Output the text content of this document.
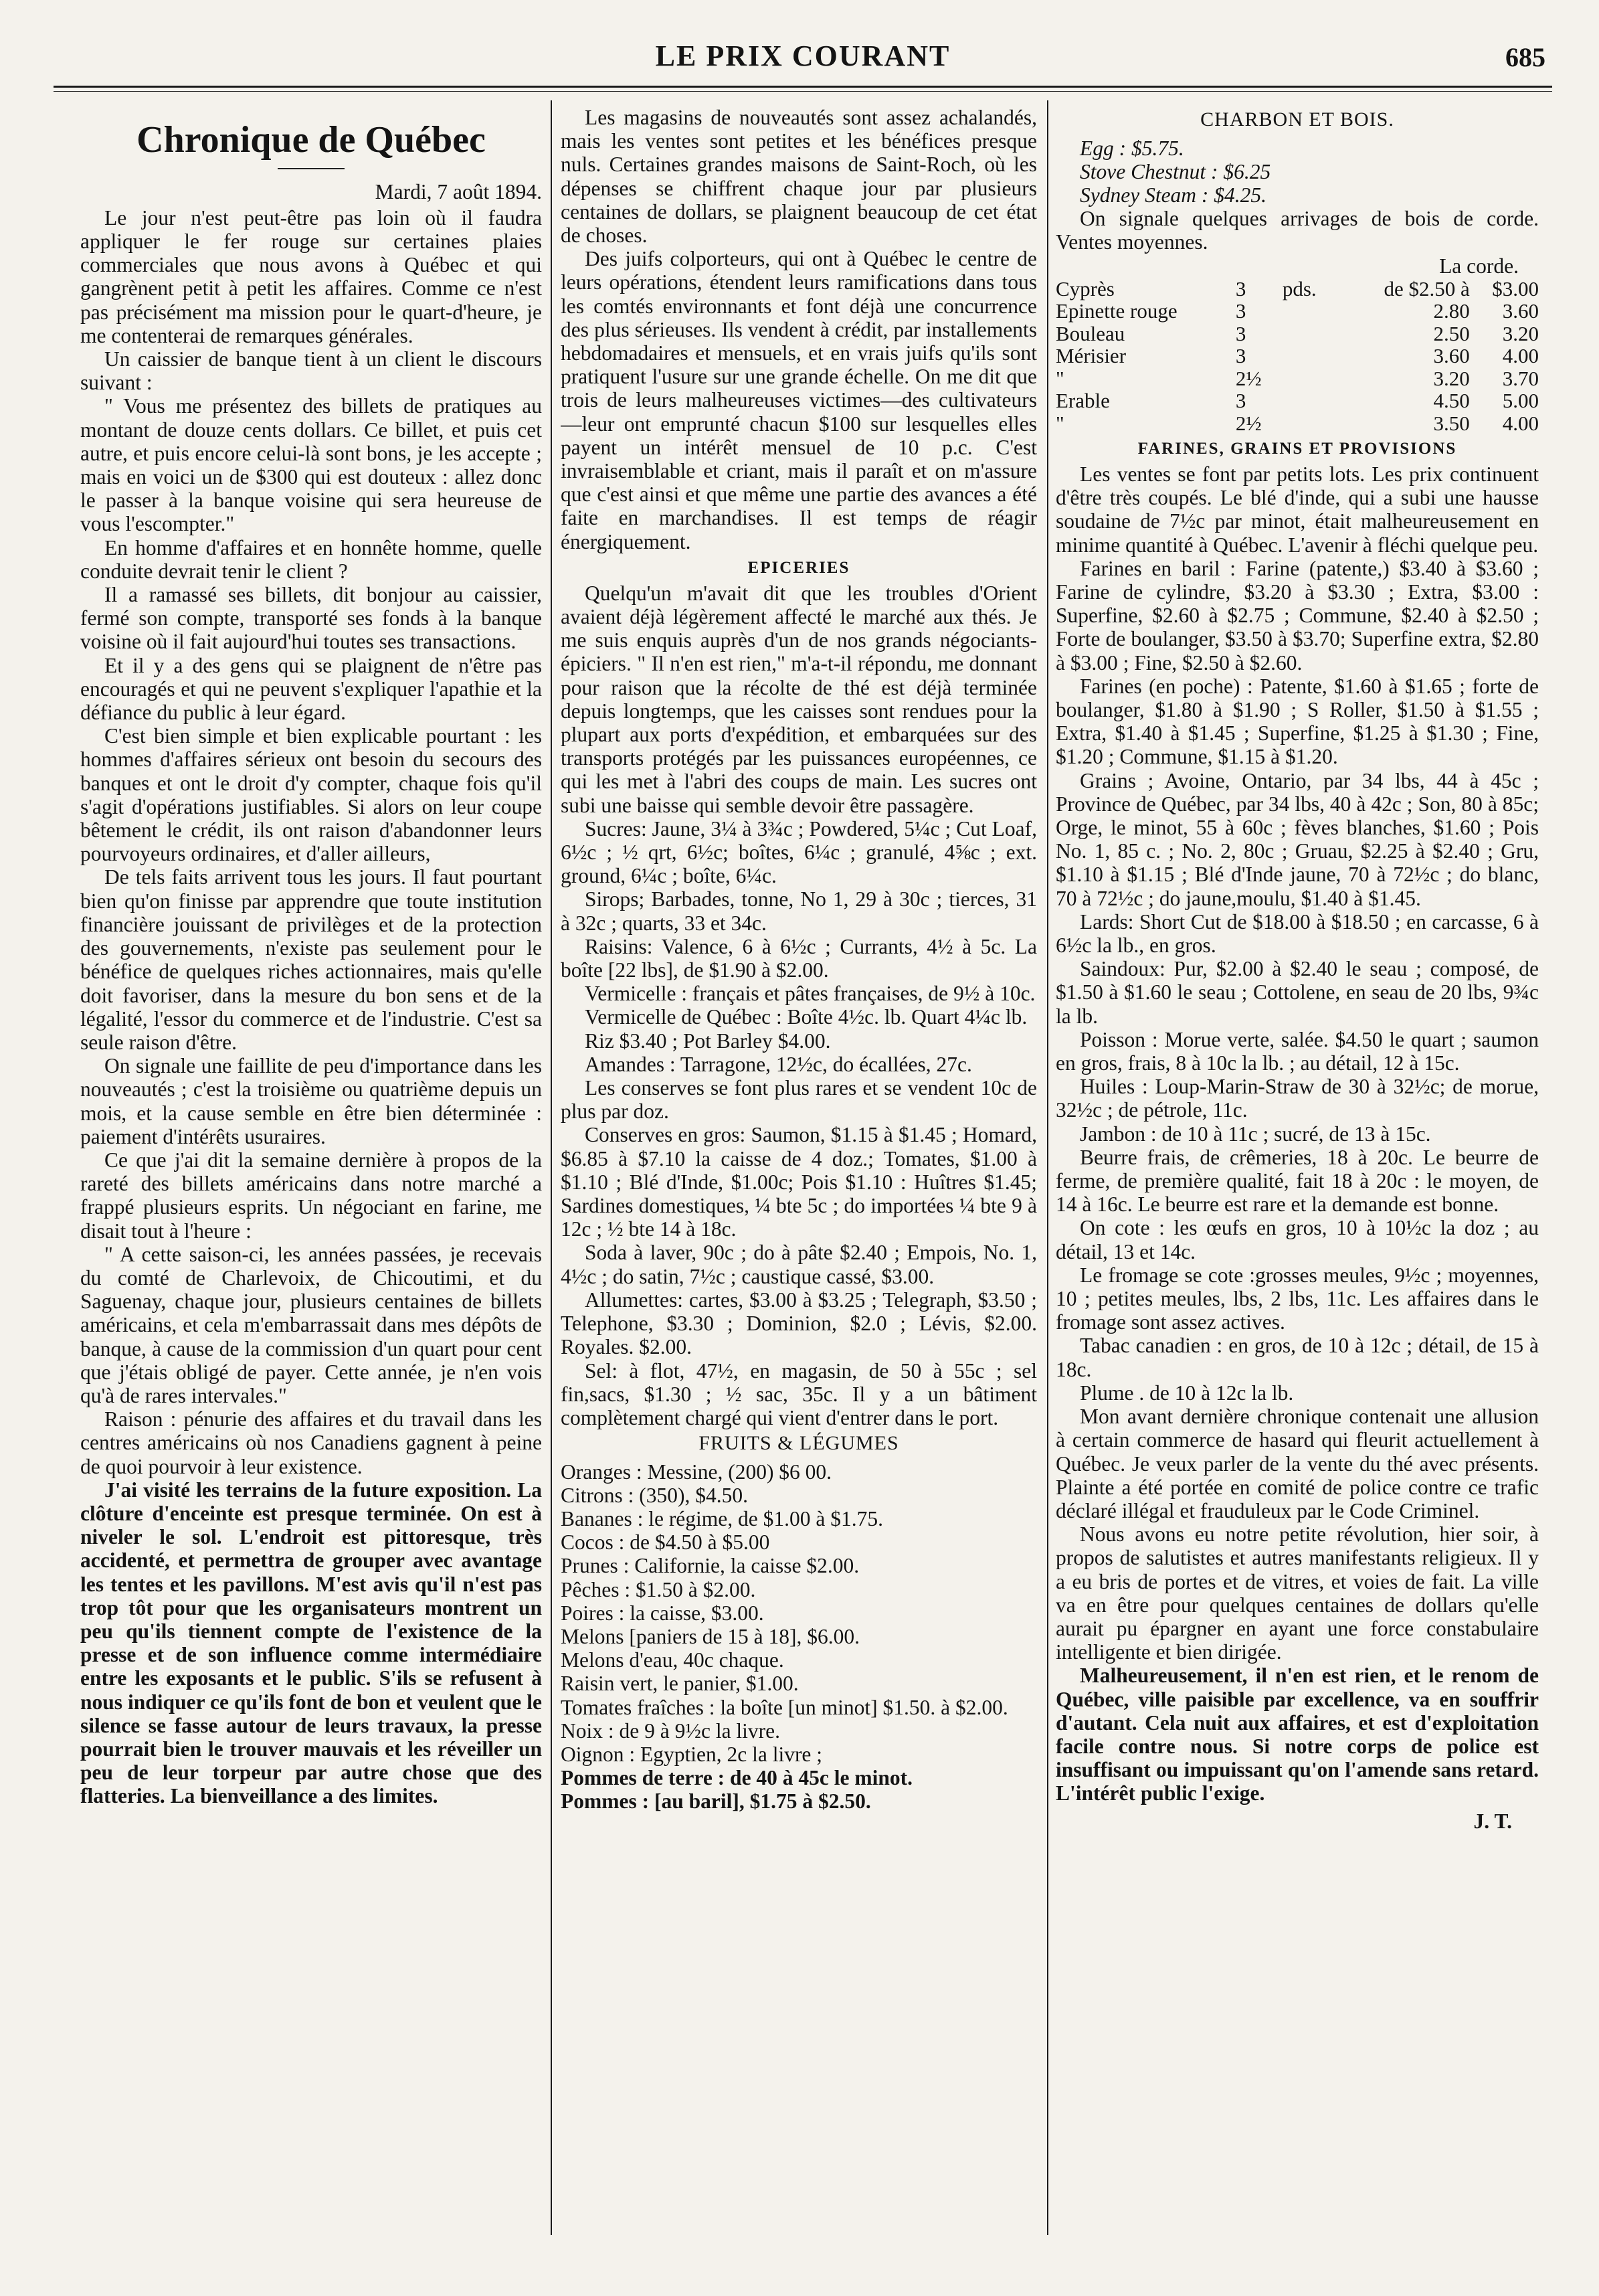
LE PRIX COURANT	685
Chronique de Québec

Mardi, 7 août 1894.

Le jour n'est peut-être pas loin où il faudra appliquer le fer rouge sur certaines plaies commerciales que nous avons à Québec et qui gangrènent petit à petit les affaires. Comme ce n'est pas précisément ma mission pour le quart-d'heure, je me contenterai de remarques générales.

Un caissier de banque tient à un client le discours suivant :

" Vous me présentez des billets de pratiques au montant de douze cents dollars. Ce billet, et puis cet autre, et puis encore celui-là sont bons, je les accepte ; mais en voici un de $300 qui est douteux : allez donc le passer à la banque voisine qui sera heureuse de vous l'escompter."

En homme d'affaires et en honnête homme, quelle conduite devrait tenir le client ?

Il a ramassé ses billets, dit bonjour au caissier, fermé son compte, transporté ses fonds à la banque voisine où il fait aujourd'hui toutes ses transactions.

Et il y a des gens qui se plaignent de n'être pas encouragés et qui ne peuvent s'expliquer l'apathie et la défiance du public à leur égard.

C'est bien simple et bien explicable pourtant : les hommes d'affaires sérieux ont besoin du secours des banques et ont le droit d'y compter, chaque fois qu'il s'agit d'opérations justifiables. Si alors on leur coupe bêtement le crédit, ils ont raison d'abandonner leurs pourvoyeurs ordinaires, et d'aller ailleurs,

De tels faits arrivent tous les jours. Il faut pourtant bien qu'on finisse par apprendre que toute institution financière jouissant de privilèges et de la protection des gouvernements, n'existe pas seulement pour le bénéfice de quelques riches actionnaires, mais qu'elle doit favoriser, dans la mesure du bon sens et de la légalité, l'essor du commerce et de l'industrie. C'est sa seule raison d'être.

On signale une faillite de peu d'importance dans les nouveautés ; c'est la troisième ou quatrième depuis un mois, et la cause semble en être bien déterminée : paiement d'intérêts usuraires.

Ce que j'ai dit la semaine dernière à propos de la rareté des billets américains dans notre marché a frappé plusieurs esprits. Un négociant en farine, me disait tout à l'heure :

" A cette saison-ci, les années passées, je recevais du comté de Charlevoix, de Chicoutimi, et du Saguenay, chaque jour, plusieurs centaines de billets américains, et cela m'embarrassait dans mes dépôts de banque, à cause de la commission d'un quart pour cent que j'étais obligé de payer. Cette année, je n'en vois qu'à de rares intervales."

Raison : pénurie des affaires et du travail dans les centres américains où nos Canadiens gagnent à peine de quoi pourvoir à leur existence.

J'ai visité les terrains de la future exposition. La clôture d'enceinte est presque terminée. On est à niveler le sol. L'endroit est pittoresque, très accidenté, et permettra de grouper avec avantage les tentes et les pavillons. M'est avis qu'il n'est pas trop tôt pour que les organisateurs montrent un peu qu'ils tiennent compte de l'existence de la presse et de son influence comme intermédiaire entre les exposants et le public. S'ils se refusent à nous indiquer ce qu'ils font de bon et veulent que le silence se fasse autour de leurs travaux, la presse pourrait bien le trouver mauvais et les réveiller un peu de leur torpeur par autre chose que des flatteries. La bienveillance a des limites.

Les magasins de nouveautés sont assez achalandés, mais les ventes sont petites et les bénéfices presque nuls. Certaines grandes maisons de Saint-Roch, où les dépenses se chiffrent chaque jour par plusieurs centaines de dollars, se plaignent beaucoup de cet état de choses.

Des juifs colporteurs, qui ont à Québec le centre de leurs opérations, étendent leurs ramifications dans tous les comtés environnants et font déjà une concurrence des plus sérieuses. Ils vendent à crédit, par installements hebdomadaires et mensuels, et en vrais juifs qu'ils sont pratiquent l'usure sur une grande échelle. On me dit que trois de leurs malheureuses victimes—des cultivateurs—leur ont emprunté chacun $100 sur lesquelles elles payent un intérêt mensuel de 10 p.c. C'est invraisemblable et criant, mais il paraît et on m'assure que c'est ainsi et que même une partie des avances a été faite en marchandises. Il est temps de réagir énergiquement.

EPICERIES

Quelqu'un m'avait dit que les troubles d'Orient avaient déjà légèrement affecté le marché aux thés. Je me suis enquis auprès d'un de nos grands négociants-épiciers. " Il n'en est rien," m'a-t-il répondu, me donnant pour raison que la récolte de thé est déjà terminée depuis longtemps, que les caisses sont rendues pour la plupart aux ports d'expédition, et embarquées sur des transports protégés par les puissances européennes, ce qui les met à l'abri des coups de main. Les sucres ont subi une baisse qui semble devoir être passagère.

Sucres: Jaune, 3¼ à 3¾c ; Powdered, 5¼c ; Cut Loaf, 6½c ; ½ qrt, 6½c; boîtes, 6¼c ; granulé, 4⅝c ; ext. ground, 6¼c ; boîte, 6¼c.

Sirops; Barbades, tonne, No 1, 29 à 30c ; tierces, 31 à 32c ; quarts, 33 et 34c.

Raisins: Valence, 6 à 6½c ; Currants, 4½ à 5c. La boîte [22 lbs], de $1.90 à $2.00.

Vermicelle : français et pâtes françaises, de 9½ à 10c.

Vermicelle de Québec : Boîte 4½c. lb. Quart 4¼c lb.

Riz $3.40 ; Pot Barley $4.00.

Amandes : Tarragone, 12½c, do écallées, 27c.

Les conserves se font plus rares et se vendent 10c de plus par doz.

Conserves en gros: Saumon, $1.15 à $1.45 ; Homard, $6.85 à $7.10 la caisse de 4 doz.; Tomates, $1.00 à $1.10 ; Blé d'Inde, $1.00c; Pois $1.10 : Huîtres $1.45; Sardines domestiques, ¼ bte 5c ; do importées ¼ bte 9 à 12c ; ½ bte 14 à 18c.

Soda à laver, 90c ; do à pâte $2.40 ; Empois, No. 1, 4½c ; do satin, 7½c ; caustique cassé, $3.00.

Allumettes: cartes, $3.00 à $3.25 ; Telegraph, $3.50 ; Telephone, $3.30 ; Dominion, $2.0 ; Lévis, $2.00. Royales. $2.00.

Sel: à flot, 47½, en magasin, de 50 à 55c ; sel fin,sacs, $1.30 ; ½ sac, 35c. Il y a un bâtiment complètement chargé qui vient d'entrer dans le port.

FRUITS & LÉGUMES

Oranges : Messine, (200) $6 00.

Citrons : (350), $4.50.

Bananes : le régime, de $1.00 à $1.75.

Cocos : de $4.50 à $5.00

Prunes : Californie, la caisse $2.00.

Pêches : $1.50 à $2.00.

Poires : la caisse, $3.00.

Melons [paniers de 15 à 18], $6.00.

Melons d'eau, 40c chaque.

Raisin vert, le panier, $1.00.

Tomates fraîches : la boîte [un minot] $1.50. à $2.00.

Noix : de 9 à 9½c la livre.

Oignon : Egyptien, 2c la livre ;

Pommes de terre : de 40 à 45c le minot.

Pommes : [au baril], $1.75 à $2.50.

CHARBON ET BOIS.

Egg : $5.75.

Stove Chestnut : $6.25

Sydney Steam : $4.25.

On signale quelques arrivages de bois de corde. Ventes moyennes.

La corde.
Cyprès	3	pds.	de $2.50 à	$3.00
Epinette rouge	3		2.80	3.60
Bouleau	3		2.50	3.20
Mérisier	3		3.60	4.00
"	2½		3.20	3.70
Erable	3		4.50	5.00
"	2½		3.50	4.00
FARINES, GRAINS ET PROVISIONS

Les ventes se font par petits lots. Les prix continuent d'être très coupés. Le blé d'inde, qui a subi une hausse soudaine de 7½c par minot, était malheureusement en minime quantité à Québec. L'avenir à fléchi quelque peu.

Farines en baril : Farine (patente,) $3.40 à $3.60 ; Farine de cylindre, $3.20 à $3.30 ; Extra, $3.00 : Superfine, $2.60 à $2.75 ; Commune, $2.40 à $2.50 ; Forte de boulanger, $3.50 à $3.70; Superfine extra, $2.80 à $3.00 ; Fine, $2.50 à $2.60.

Farines (en poche) : Patente, $1.60 à $1.65 ; forte de boulanger, $1.80 à $1.90 ; S Roller, $1.50 à $1.55 ; Extra, $1.40 à $1.45 ; Superfine, $1.25 à $1.30 ; Fine, $1.20 ; Commune, $1.15 à $1.20.

Grains ; Avoine, Ontario, par 34 lbs, 44 à 45c ; Province de Québec, par 34 lbs, 40 à 42c ; Son, 80 à 85c; Orge, le minot, 55 à 60c ; fèves blanches, $1.60 ; Pois No. 1, 85 c. ; No. 2, 80c ; Gruau, $2.25 à $2.40 ; Gru, $1.10 à $1.15 ; Blé d'Inde jaune, 70 à 72½c ; do blanc, 70 à 72½c ; do jaune,moulu, $1.40 à $1.45.

Lards: Short Cut de $18.00 à $18.50 ; en carcasse, 6 à 6½c la lb., en gros.

Saindoux: Pur, $2.00 à $2.40 le seau ; composé, de $1.50 à $1.60 le seau ; Cottolene, en seau de 20 lbs, 9¾c la lb.

Poisson : Morue verte, salée. $4.50 le quart ; saumon en gros, frais, 8 à 10c la lb. ; au détail, 12 à 15c.

Huiles : Loup-Marin-Straw de 30 à 32½c; de morue, 32½c ; de pétrole, 11c.

Jambon : de 10 à 11c ; sucré, de 13 à 15c.

Beurre frais, de crêmeries, 18 à 20c. Le beurre de ferme, de première qualité, fait 18 à 20c : le moyen, de 14 à 16c. Le beurre est rare et la demande est bonne.

On cote : les œufs en gros, 10 à 10½c la doz ; au détail, 13 et 14c.

Le fromage se cote :grosses meules, 9½c ; moyennes, 10 ; petites meules, lbs, 2 lbs, 11c. Les affaires dans le fromage sont assez actives.

Tabac canadien : en gros, de 10 à 12c ; détail, de 15 à 18c.

Plume . de 10 à 12c la lb.

Mon avant dernière chronique contenait une allusion à certain commerce de hasard qui fleurit actuellement à Québec. Je veux parler de la vente du thé avec présents. Plainte a été portée en comité de police contre ce trafic déclaré illégal et frauduleux par le Code Criminel.

Nous avons eu notre petite révolution, hier soir, à propos de salutistes et autres manifestants religieux. Il y a eu bris de portes et de vitres, et voies de fait. La ville va en être pour quelques centaines de dollars qu'elle aurait pu épargner en ayant une force constabulaire intelligente et bien dirigée.

Malheureusement, il n'en est rien, et le renom de Québec, ville paisible par excellence, va en souffrir d'autant. Cela nuit aux affaires, et est d'exploitation facile contre nous. Si notre corps de police est insuffisant ou impuissant qu'on l'amende sans retard. L'intérêt public l'exige.

J. T.
